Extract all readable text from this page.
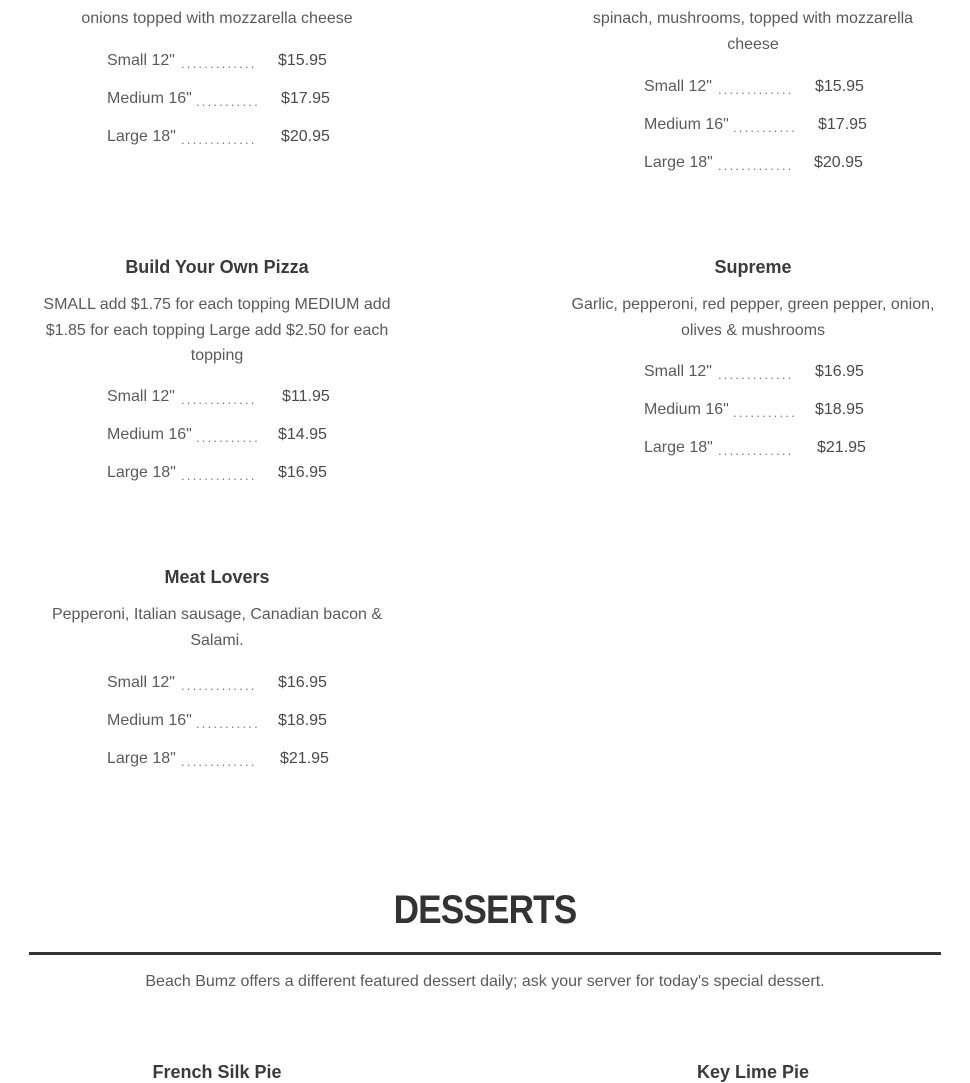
onions topped with mozzarella cheese
Small 12" ............. $15.95
Medium 16" ........... $17.95
Large 18" ............. $20.95
spinach, mushrooms, topped with mozzarella cheese
Small 12" ............. $15.95
Medium 16" ........... $17.95
Large 18" ............. $20.95
Build Your Own Pizza
SMALL add $1.75 for each topping MEDIUM add $1.85 for each topping Large add $2.50 for each topping
Small 12" ............. $11.95
Medium 16" ........... $14.95
Large 18" ............. $16.95
Supreme
Garlic, pepperoni, red pepper, green pepper, onion, olives & mushrooms
Small 12" ............. $16.95
Medium 16" ........... $18.95
Large 18" ............. $21.95
Meat Lovers
Pepperoni, Italian sausage, Canadian bacon & Salami.
Small 12" ............. $16.95
Medium 16" ........... $18.95
Large 18" ............. $21.95
DESSERTS
Beach Bumz offers a different featured dessert daily; ask your server for today's special dessert.
French Silk Pie	Key Lime Pie
